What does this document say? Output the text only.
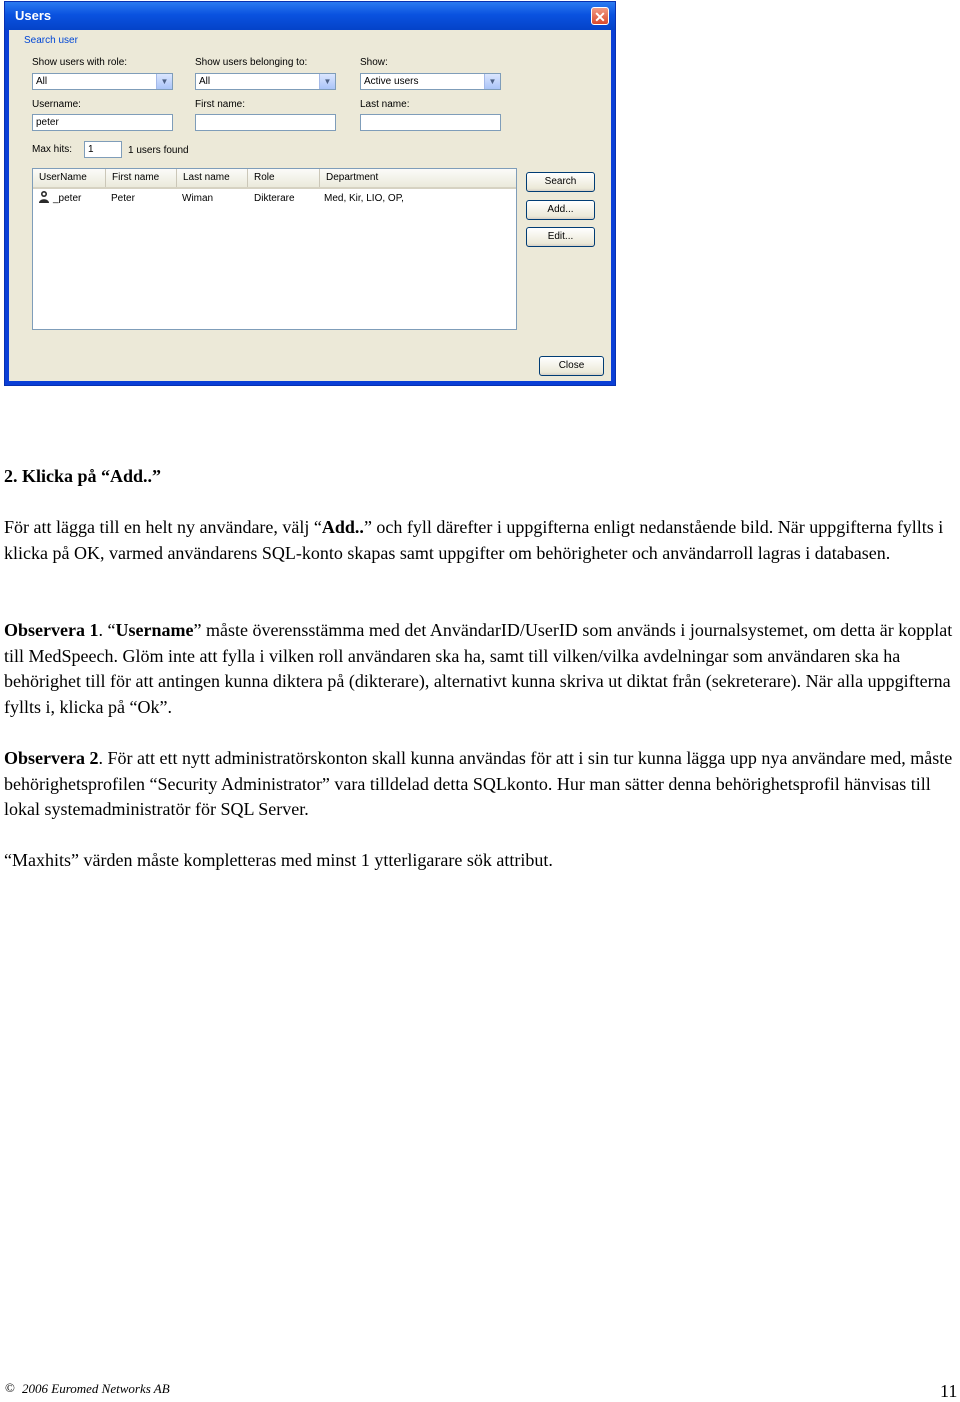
Users	✕
Search user
Show users with role:
All	▼
Show users belonging to:
All	▼
Show:
Active users	▼
Username:
peter
First name:	Last name:
Max hits:	1	1 users found
UserName	First name	Last name	Role	Department
_peter	Peter	Wiman	Dikterare	Med, Kir, LIO, OP,
Search
Add...
Edit...
Close
2. Klicka på “Add..”
För att lägga till en helt ny användare, välj “Add..” och fyll därefter i uppgifterna enligt nedanstående bild. När uppgifterna fyllts i klicka på OK, varmed användarens SQL-konto skapas samt uppgifter om behörigheter och användarroll lagras i databasen.
Observera 1. “Username” måste överensstämma med det AnvändarID/UserID som används i journalsystemet, om detta är kopplat till MedSpeech. Glöm inte att fylla i vilken roll användaren ska ha, samt till vilken/vilka avdelningar som användaren ska ha behörighet till för att antingen kunna diktera på (dikterare), alternativt kunna skriva ut diktat från (sekreterare). När alla uppgifterna fyllts i, klicka på “Ok”.
Observera 2. För att ett nytt administratörskonton skall kunna användas för att i sin tur kunna lägga upp nya användare med, måste behörighetsprofilen “Security Administrator” vara tilldelad detta SQLkonto. Hur man sätter denna behörighetsprofil hänvisas till lokal systemadministratör för SQL Server.
“Maxhits” värden måste kompletteras med minst 1 ytterligarare sök attribut.
© 2006 Euromed Networks AB	11
